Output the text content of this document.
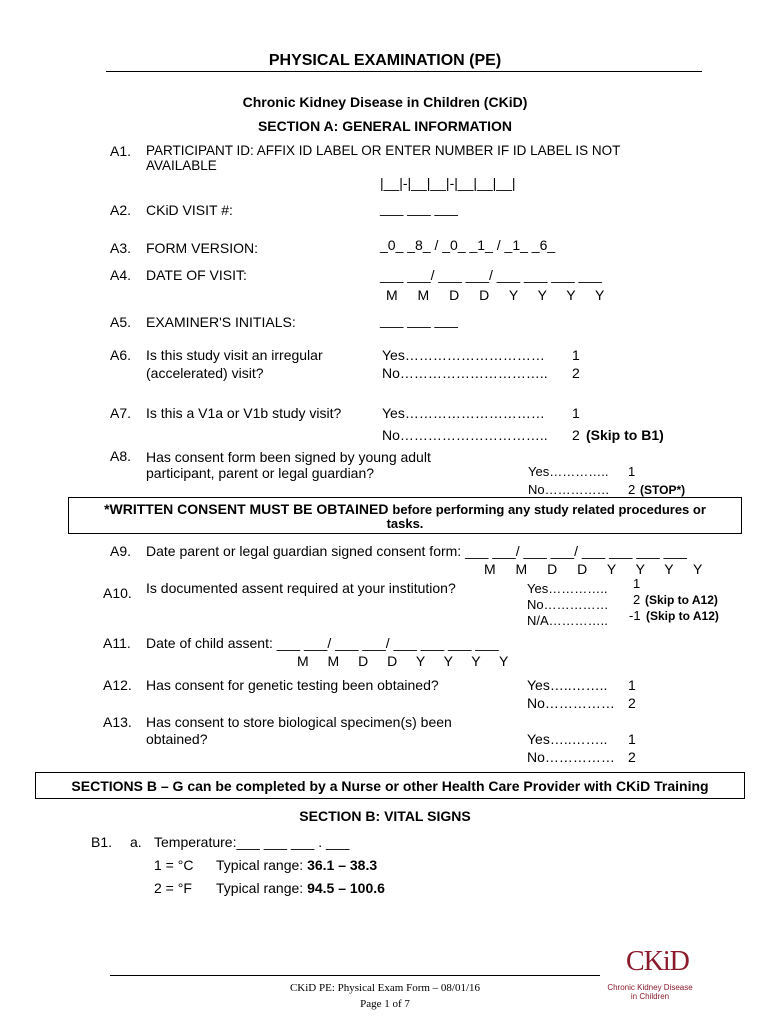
PHYSICAL EXAMINATION (PE)
Chronic Kidney Disease in Children (CKiD)
SECTION A: GENERAL INFORMATION
A1. PARTICIPANT ID: AFFIX ID LABEL OR ENTER NUMBER IF ID LABEL IS NOT
AVAILABLE
|__|-|__|__|-|__|__|__|
A2. CKiD VISIT #:	___ ___ ___
A3. FORM VERSION:	_0_ _8_ / _0_ _1_ / _1_ _6_
A4. DATE OF VISIT:	___ ___/ ___ ___/ ___ ___ ___ ___
M M D D Y Y Y Y
A5. EXAMINER'S INITIALS:	___ ___ ___
A6. Is this study visit an irregular
(accelerated) visit?
Yes………………………… 1
No………………………….. 2
A7. Is this a V1a or V1b study visit?	Yes………………………… 1
No………………………….. 2 (Skip to B1)
A8. Has consent form been signed by young adult
participant, parent or legal guardian?	Yes………….. 1
No…………… 2 (STOP*)
*WRITTEN CONSENT MUST BE OBTAINED before performing any study related procedures or
tasks.
A9. Date parent or legal guardian signed consent form: ___ ___/ ___ ___/ ___ ___ ___ ___
M M D D Y Y Y Y
A10. Is documented assent required at your institution?	Yes………….. 1
No…………… 2 (Skip to A12)
N/A………….. -1 (Skip to A12)
A11. Date of child assent: ___ ___/ ___ ___/ ___ ___ ___ ___
M M D D Y Y Y Y
A12. Has consent for genetic testing been obtained?	Yes…..…….. 1
No…………… 2
A13. Has consent to store biological specimen(s) been
obtained?	Yes…..…….. 1
No…………… 2
SECTIONS B – G can be completed by a Nurse or other Health Care Provider with CKiD Training
SECTION B: VITAL SIGNS
B1. a. Temperature:___ ___ ___ . ___
1 = °C Typical range: 36.1 – 38.3
2 = °F Typical range: 94.5 – 100.6
CKiD PE: Physical Exam Form – 08/01/16
Page 1 of 7
CKiD
Chronic Kidney Disease
in Children
